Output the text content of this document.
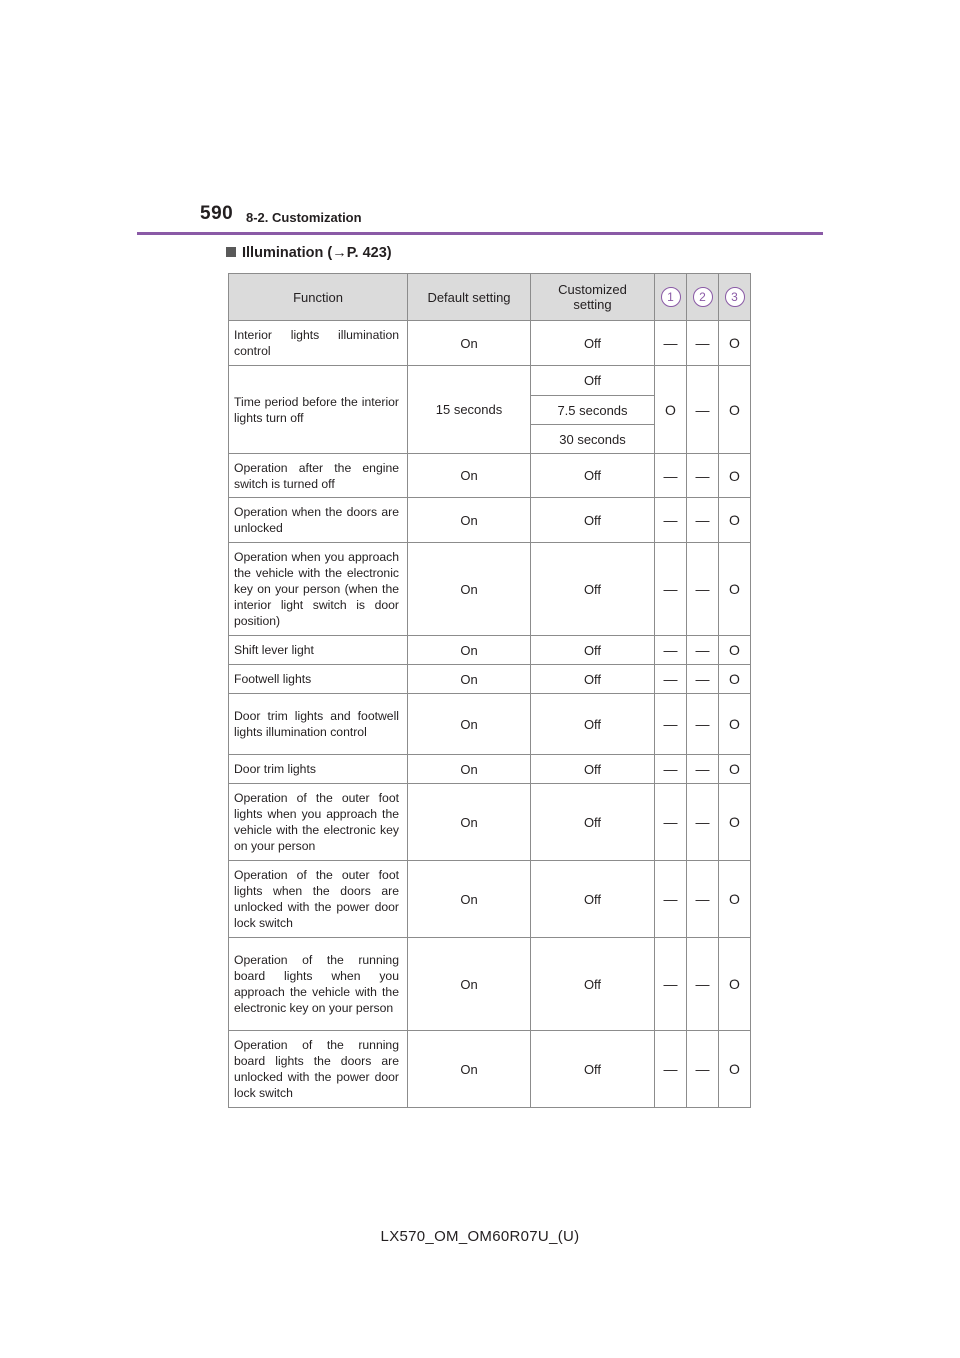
590 8-2. Customization
Illumination (→P. 423)
Function	Default setting	Customized setting	1	2	3
Interior lights illumination control	On	Off	—	—	O
Time period before the interior lights turn off	15 seconds	Off	O	—	O
		7.5 seconds			
		30 seconds			
Operation after the engine switch is turned off	On	Off	—	—	O
Operation when the doors are unlocked	On	Off	—	—	O
Operation when you approach the vehicle with the electronic key on your person (when the interior light switch is door position)	On	Off	—	—	O
Shift lever light	On	Off	—	—	O
Footwell lights	On	Off	—	—	O
Door trim lights and footwell lights illumination control	On	Off	—	—	O
Door trim lights	On	Off	—	—	O
Operation of the outer foot lights when you approach the vehicle with the electronic key on your person	On	Off	—	—	O
Operation of the outer foot lights when the doors are unlocked with the power door lock switch	On	Off	—	—	O
Operation of the running board lights when you approach the vehicle with the electronic key on your person	On	Off	—	—	O
Operation of the running board lights the doors are unlocked with the power door lock switch	On	Off	—	—	O
LX570_OM_OM60R07U_(U)
